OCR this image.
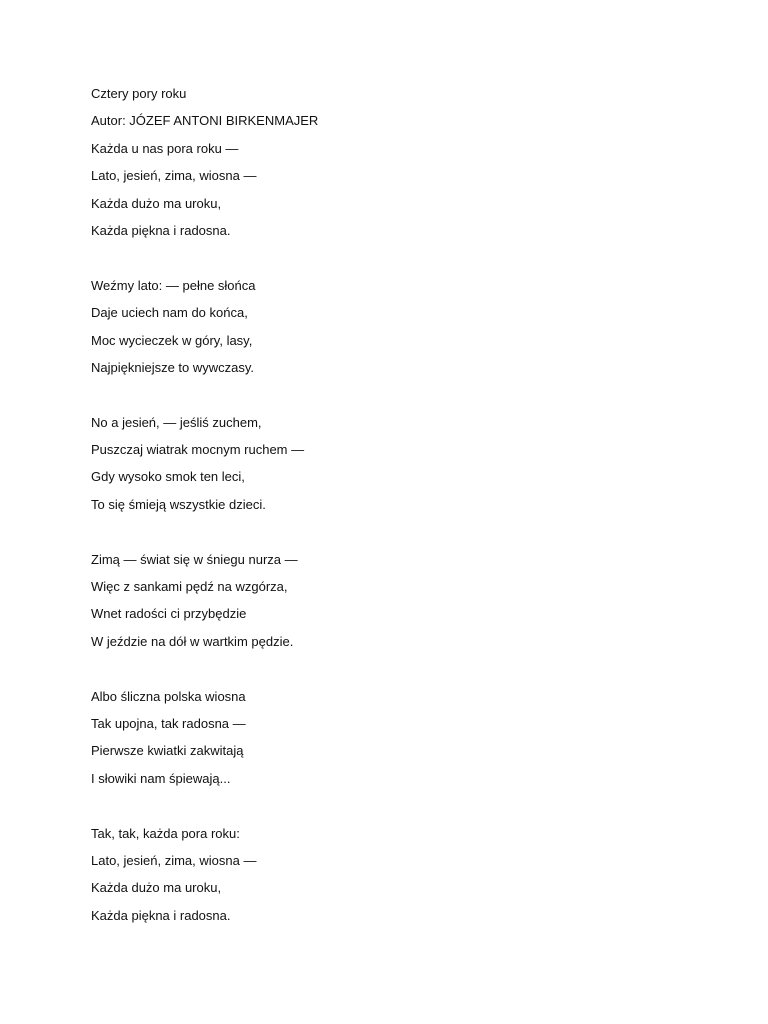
Cztery pory roku
Autor: JÓZEF ANTONI BIRKENMAJER
Każda u nas pora roku —
Lato, jesień, zima, wiosna —
Każda dużo ma uroku,
Każda piękna i radosna.
Weźmy lato: — pełne słońca
Daje uciech nam do końca,
Moc wycieczek w góry, lasy,
Najpiękniejsze to wywczasy.
No a jesień, — jeśliś zuchem,
Puszczaj wiatrak mocnym ruchem —
Gdy wysoko smok ten leci,
To się śmieją wszystkie dzieci.
Zimą — świat się w śniegu nurza —
Więc z sankami pędź na wzgórza,
Wnet radości ci przybędzie
W jeździe na dół w wartkim pędzie.
Albo śliczna polska wiosna
Tak upojna, tak radosna —
Pierwsze kwiatki zakwitają
I słowiki nam śpiewają...
Tak, tak, każda pora roku:
Lato, jesień, zima, wiosna —
Każda dużo ma uroku,
Każda piękna i radosna.
